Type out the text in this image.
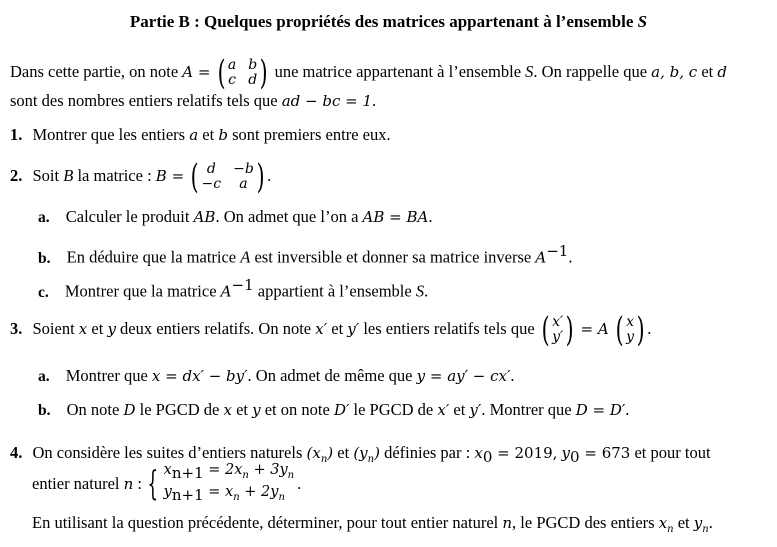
Partie B : Quelques propriétés des matrices appartenant à l’ensemble S
Dans cette partie, on note A = ( a b
c d ) une matrice appartenant à l’ensemble S. On rappelle que a, b, c et d
sont des nombres entiers relatifs tels que ad − bc = 1.
1. Montrer que les entiers a et b sont premiers entre eux.
2. Soit B la matrice : B = ( d	−b
−c	a ) .
a. Calculer le produit AB. On admet que l’on a AB = BA.
b. En déduire que la matrice A est inversible et donner sa matrice inverse $A^{-1}$.
c. Montrer que la matrice $A^{-1}$ appartient à l’ensemble S.
3. Soient x et y deux entiers relatifs. On note x′ et y′ les entiers relatifs tels que ( x′
y′ ) = A ( x
y ) .
a. Montrer que x = dx′ − by′. On admet de même que y = ay′ − cx′.
b. On note D le PGCD de x et y et on note D′ le PGCD de x′ et y′. Montrer que D = D′.
4. On considère les suites d’entiers naturels $(x_n)$ et $(y_n)$ définies par : $x_0 = 2019$, $y_0 = 673$ et pour tout
entier naturel
n
: { $x_{n+1} = 2x_n + 3y_n$
$y_{n+1} = x_n + 2y_n$
.
En utilisant la question précédente, déterminer, pour tout entier naturel n, le PGCD des entiers $x_n$ et $y_n$.
